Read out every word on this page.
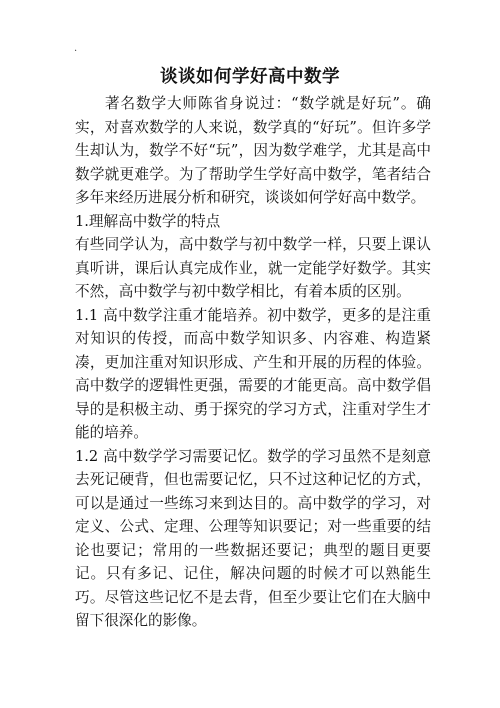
.
谈谈如何学好高中数学

著名数学大师陈省身说过：“数学就是好玩”。确实，对喜欢数学的人来说，数学真的“好玩”。但许多学生却认为，数学不好“玩”，因为数学难学，尤其是高中数学就更难学。为了帮助学生学好高中数学，笔者结合多年来经历进展分析和研究，谈谈如何学好高中数学。

1.理解高中数学的特点

有些同学认为，高中数学与初中数学一样，只要上课认真听讲，课后认真完成作业，就一定能学好数学。其实不然，高中数学与初中数学相比，有着本质的区别。

1.1 高中数学注重才能培养。初中数学，更多的是注重对知识的传授，而高中数学知识多、内容难、构造紧凑，更加注重对知识形成、产生和开展的历程的体验。高中数学的逻辑性更强，需要的才能更高。高中数学倡导的是积极主动、勇于探究的学习方式，注重对学生才能的培养。

1.2 高中数学学习需要记忆。数学的学习虽然不是刻意去死记硬背，但也需要记忆，只不过这种记忆的方式，可以是通过一些练习来到达目的。高中数学的学习，对定义、公式、定理、公理等知识要记；对一些重要的结论也要记；常用的一些数据还要记；典型的题目更要记。只有多记、记住，解决问题的时候才可以熟能生巧。尽管这些记忆不是去背，但至少要让它们在大脑中留下很深化的影像。
